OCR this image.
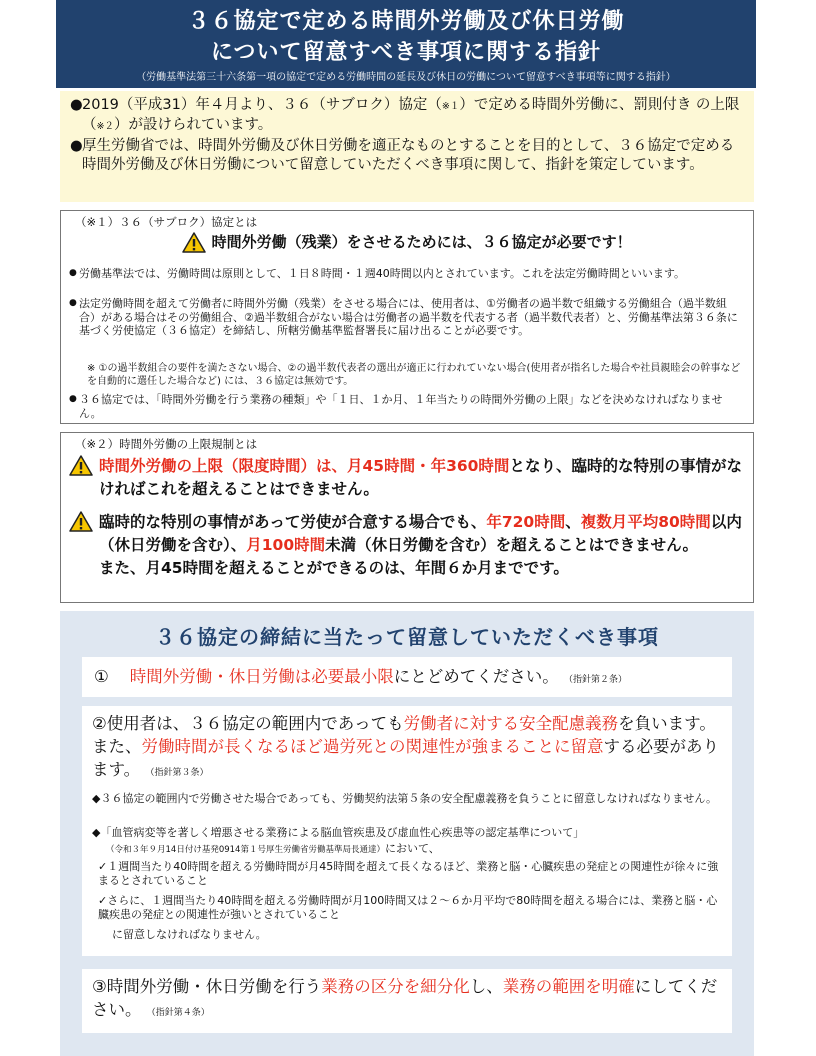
３６協定で定める時間外労働及び休日労働
について留意すべき事項に関する指針
（労働基準法第三十六条第一項の協定で定める労働時間の延長及び休日の労働について留意すべき事項等に関する指針）
● 2019（平成31）年４月より、３６（サブロク）協定（※１）で定める時間外労働に、罰則付き の上限（※２）が設けられています。
● 厚生労働省では、時間外労働及び休日労働を適正なものとすることを目的として、３６協定で定める時間外労働及び休日労働について留意していただくべき事項に関して、指針を策定しています。
（※１）３６（サブロク）協定とは
時間外労働（残業）をさせるためには、３６協定が必要です！
● 労働基準法では、労働時間は原則として、１日８時間・１週40時間以内とされています。これを法定労働時間といいます。
● 法定労働時間を超えて労働者に時間外労働（残業）をさせる場合には、使用者は、①労働者の過半数で組織する労働組合（過半数組合）がある場合はその労働組合、②過半数組合がない場合は労働者の過半数を代表する者（過半数代表者）と、労働基準法第３６条に基づく労使協定（３６協定）を締結し、所轄労働基準監督署長に届け出ることが必要です。
※ ①の過半数組合の要件を満たさない場合、②の過半数代表者の選出が適正に行われていない場合(使用者が指名した場合や社員親睦会の幹事などを自動的に選任した場合など) には、３６協定は無効です。
● ３６協定では、「時間外労働を行う業務の種類」や「１日、１か月、１年当たりの時間外労働の上限」などを決めなければなりません。
（※２）時間外労働の上限規制とは
時間外労働の上限（限度時間）は、月45時間・年360時間となり、臨時的な特別の事情がなければこれを超えることはできません。
臨時的な特別の事情があって労使が合意する場合でも、年720時間、複数月平均80時間以内（休日労働を含む）、月100時間未満（休日労働を含む）を超えることはできません。
また、月45時間を超えることができるのは、年間６か月までです。
３６協定の締結に当たって留意していただくべき事項
① 時間外労働・休日労働は必要最小限にとどめてください。 （指針第２条）
②使用者は、３６協定の範囲内であっても労働者に対する安全配慮義務を負います。また、労働時間が長くなるほど過労死との関連性が強まることに留意する必要があります。 （指針第３条）
◆３６協定の範囲内で労働させた場合であっても、労働契約法第５条の安全配慮義務を負うことに留意しなければなりません。
◆「血管病変等を著しく増悪させる業務による脳血管疾患及び虚血性心疾患等の認定基準について」
（令和３年９月14日付け基発0914第１号厚生労働省労働基準局長通達）において、
✓１週間当たり40時間を超える労働時間が月45時間を超えて長くなるほど、業務と脳・心臓疾患の発症との関連性が徐々に強まるとされていること
✓さらに、１週間当たり40時間を超える労働時間が月100時間又は２～６か月平均で80時間を超える場合には、業務と脳・心臓疾患の発症との関連性が強いとされていること
に留意しなければなりません。
③時間外労働・休日労働を行う業務の区分を細分化し、業務の範囲を明確にしてください。 （指針第４条）
